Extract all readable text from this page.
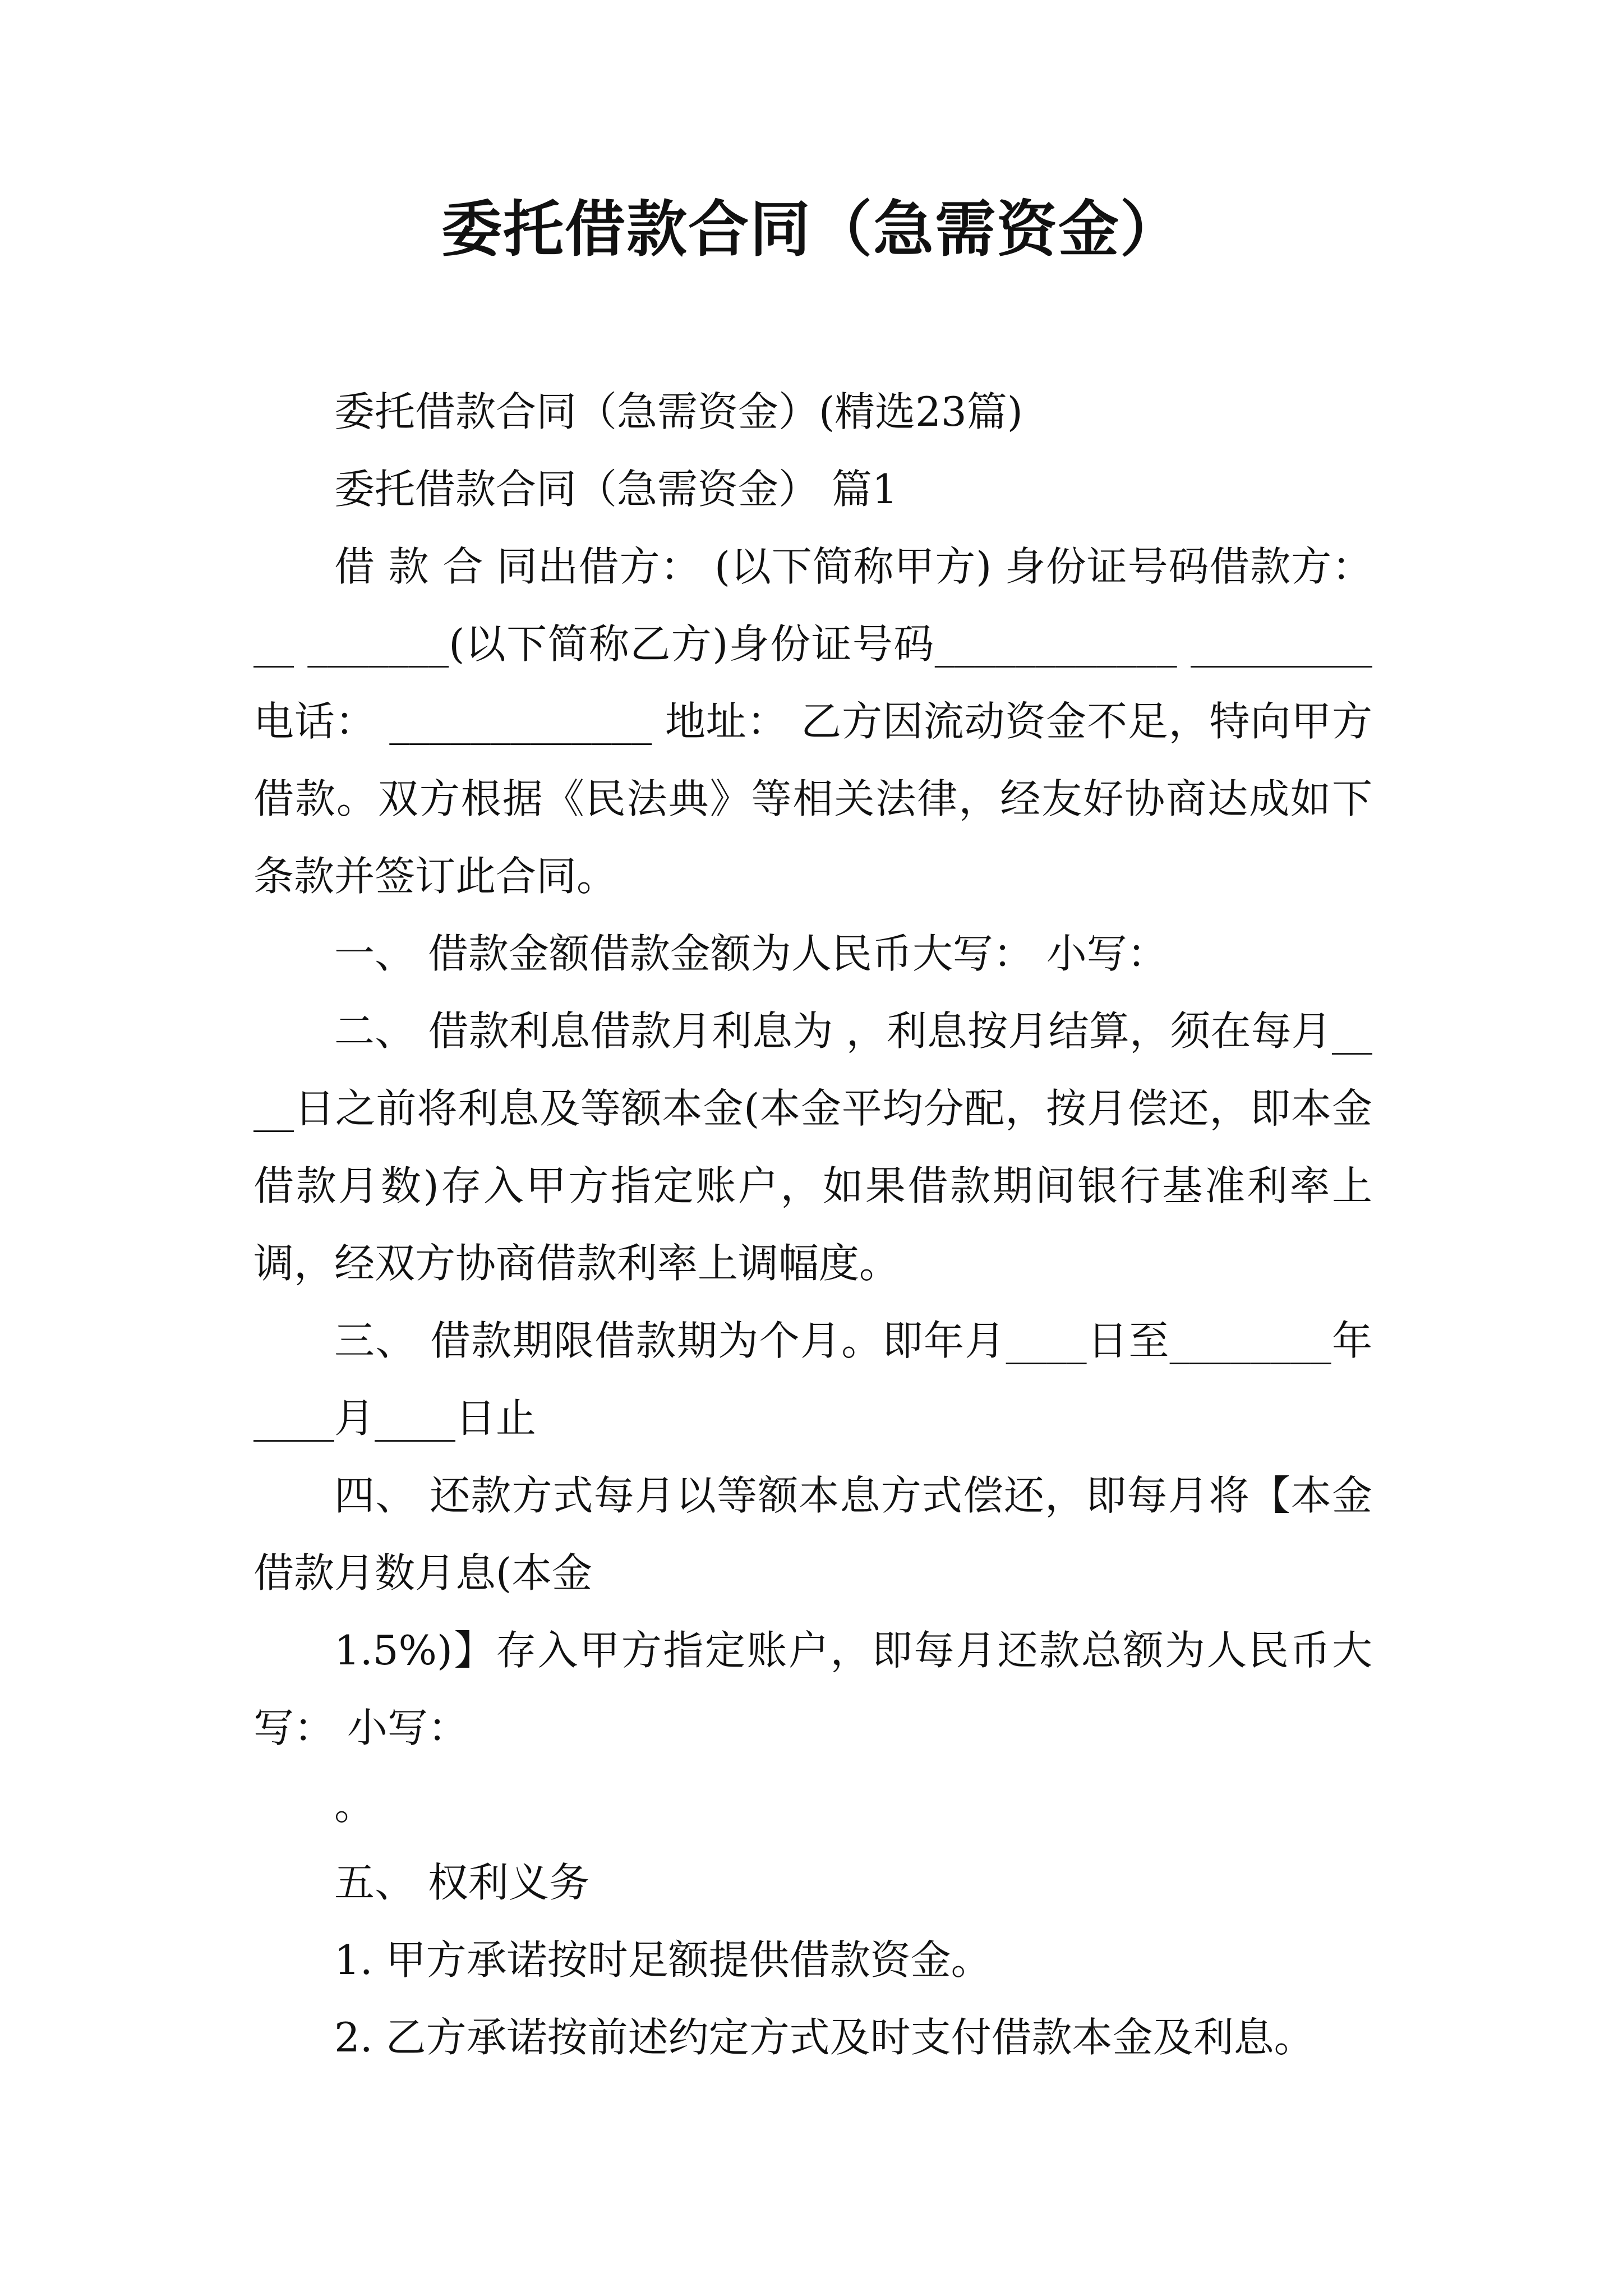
委托借款合同（急需资金）

委托借款合同（急需资金）(精选23篇)

委托借款合同（急需资金） 篇1

借 款 合 同出借方： (以下简称甲方) 身份证号码借款方：__ _______(以下简称乙方)身份证号码____________ _________ 电话： _____________ 地址： 乙方因流动资金不足，特向甲方借款。双方根据《民法典》等相关法律，经友好协商达成如下条款并签订此合同。

一、 借款金额借款金额为人民币大写： 小写：

二、 借款利息借款月利息为 ，利息按月结算，须在每月____日之前将利息及等额本金(本金平均分配，按月偿还，即本金借款月数)存入甲方指定账户，如果借款期间银行基准利率上调，经双方协商借款利率上调幅度。

三、 借款期限借款期为个月。即年月____日至________年____月____日止

四、 还款方式每月以等额本息方式偿还，即每月将【本金借款月数月息(本金

1.5%)】存入甲方指定账户，即每月还款总额为人民币大写： 小写：

。

五、 权利义务

1. 甲方承诺按时足额提供借款资金。

2. 乙方承诺按前述约定方式及时支付借款本金及利息。
